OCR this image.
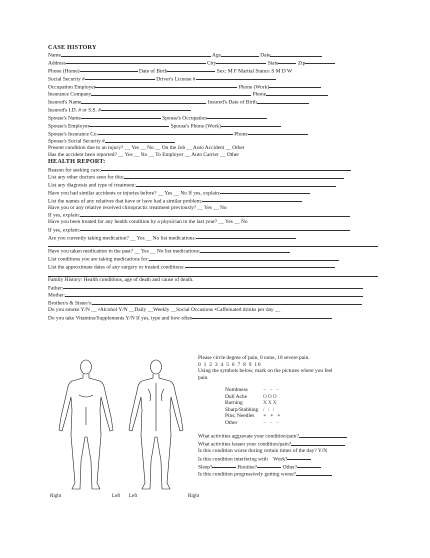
CASE HISTORY
Name	Age	Date
Address	City	State	Zip
Phone (Home)	Date of Birth	Sex: M F Marital Status: S M D W
Social Security #	Driver's License #
Occupation Employer	Phone (Work)
Insurance Company	Phone
Insured's Name	Insured's Date of Birth
Insured's I.D. # or S.S. #
Spouse's Name	Spouse's Occupation
Spouse's Employer	Spouse's Phone (Work)
Spouse's Insurance Co.	Phone
Spouse's Social Security #
Present condition due to an injury? __ Yes __ No __ On the Job __ Auto Accident __ Other
Has the accident been reported? __ Yes __ No __ To Employer __ Auto Carrier __ Other
HEALTH REPORT:
Reason for seeking care:
List any other doctors seen for this:
List any diagnosis and type of treatment:
Have you had similar accidents or injuries before? __ Yes __ No If yes, explain:
List the names of any relatives that have or have had a similar problem:
Have you or any relative received chiropractic treatment previously? __ Yes __ No
If yes, explain:
Have you been treated for any health condition by a physician in the last year? __ Yes __ No
If yes, explain:
Are you currently taking medication? __ Yes __ No list medications:
Have you taken medication in the past? __ Yes __ No list medications:
List conditions you are taking medications for:
List the approximate dates of any surgery or treated conditions:
Family History: Health conditions, age of death and cause of death.
Father:
Mother:
Brother/s & Sister/s:
Do you smoke Y/N __ •Alcohol Y/N __Daily __Weekly __Social Occasions •Caffeinated drinks per day __
Do you take Vitamins/Supplements Y/N If yes, type and how often
Right	Left Left	Right
Please circle degree of pain, 0 none, 10 severe pain.
0 1 2 3 4 5 6 7 8 9 10
Using the symbols below, mark on the pictures where you feel
pain.
Numbness	− − −
Dull Ache	OOO
Burning	XXX
Sharp/Stabbing / / /
Pins, Needles ∗ ∗ ∗
Other	− − −
What activities aggravate your condition/pain?
What activities lessen your condition/pain?
Is this condition worse during certain times of the day? Y/N
Is this condition interfering with Work?
Sleep?	Routine?	Other?
Is this condition progressively getting worse?
